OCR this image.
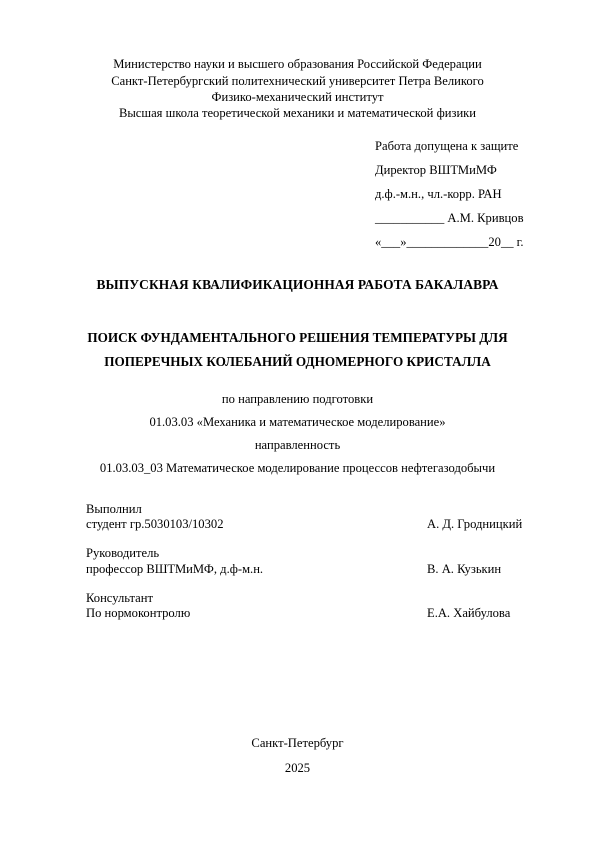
Министерство науки и высшего образования Российской Федерации
Санкт-Петербургский политехнический университет Петра Великого
Физико-механический институт
Высшая школа теоретической механики и математической физики
Работа допущена к защите
Директор ВШТМиМФ
д.ф.-м.н., чл.-корр. РАН
___________ А.М. Кривцов
«___»_____________20__ г.
ВЫПУСКНАЯ КВАЛИФИКАЦИОННАЯ РАБОТА БАКАЛАВРА
ПОИСК ФУНДАМЕНТАЛЬНОГО РЕШЕНИЯ ТЕМПЕРАТУРЫ ДЛЯ
ПОПЕРЕЧНЫХ КОЛЕБАНИЙ ОДНОМЕРНОГО КРИСТАЛЛА
по направлению подготовки
01.03.03 «Механика и математическое моделирование»
направленность
01.03.03_03 Математическое моделирование процессов нефтегазодобычи
Выполнил
студент гр.5030103/10302	А. Д. Гродницкий
Руководитель
профессор ВШТМиМФ, д.ф-м.н.	В. А. Кузькин
Консультант
По нормоконтролю	Е.А. Хайбулова
Санкт-Петербург
2025
